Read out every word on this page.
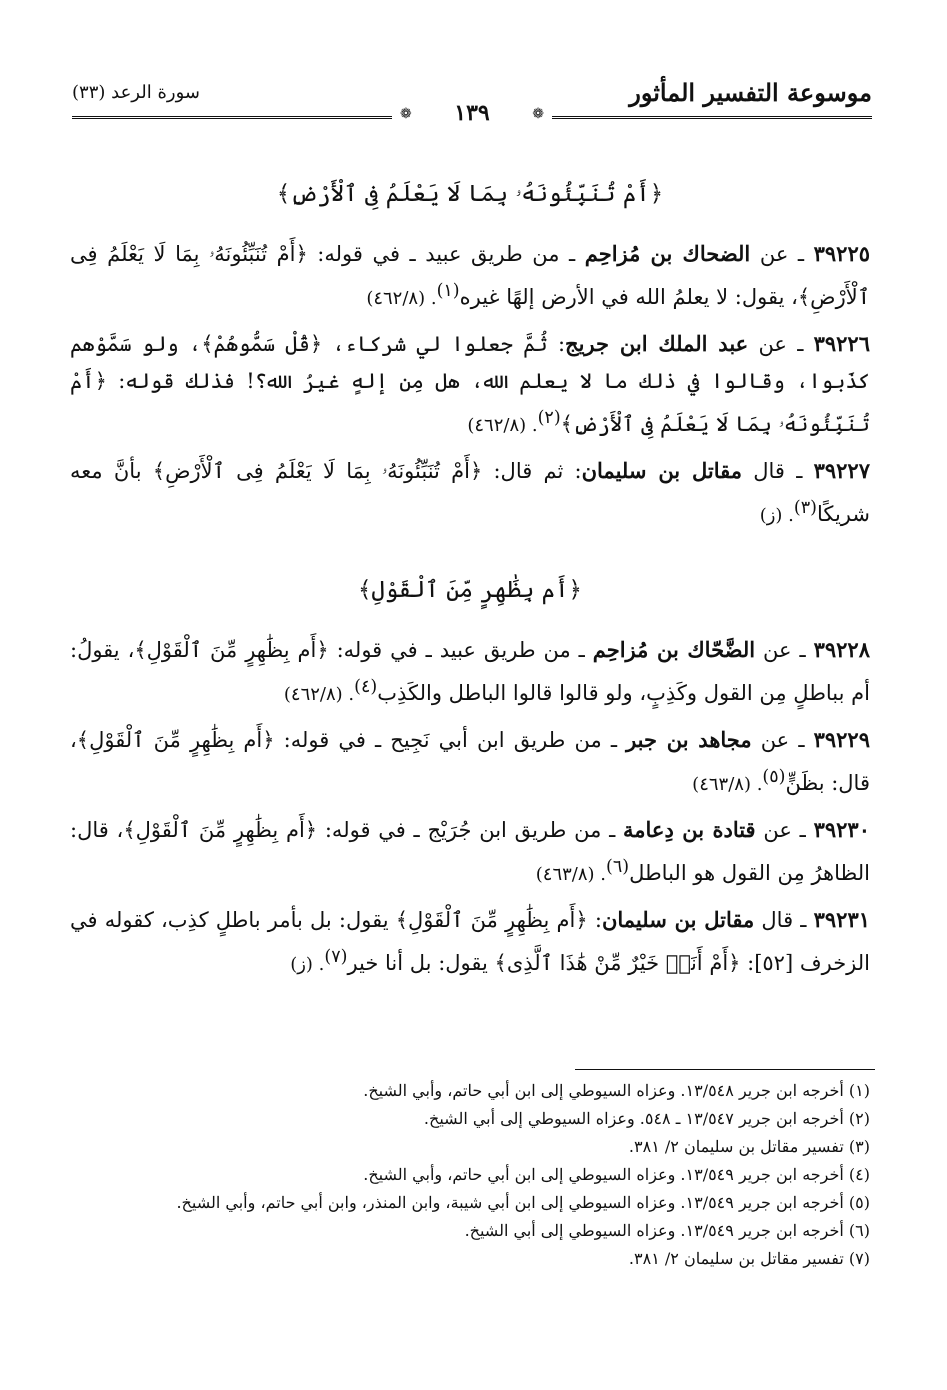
موسوعة التفسير المأثور
سورة الرعد (٣٣)
❁
❁	١٣٩
﴿أَمْ تُنَبِّئُونَهُۥ بِمَا لَا يَعْلَمُ فِى ٱلْأَرْضِ﴾

٣٩٢٢٥ ـ عن الضحاك بن مُزاحِم ـ من طريق عبيد ـ في قوله: ﴿أَمْ تُنَبِّئُونَهُۥ بِمَا لَا يَعْلَمُ فِى ٱلْأَرْضِ﴾، يقول: لا يعلمُ الله في الأرض إلهًا غيره$^{(١)}$. (٤٦٢/٨)

٣٩٢٢٦ ـ عن عبد الملك ابن جريج: ثُمَّ جعلوا لي شركاء، ﴿قُلْ سَمُّوهُمْ﴾، ولو سَمَّوْهم كذَبوا، وقالوا في ذلك ما لا يعلم الله، هل مِن إلهٍ غيرُ الله؟! فذلك قوله: ﴿أَمْ تُنَبِّئُونَهُۥ بِمَا لَا يَعْلَمُ فِى ٱلْأَرْضِ﴾$^{(٢)}$. (٤٦٢/٨)

٣٩٢٢٧ ـ قال مقاتل بن سليمان: ثم قال: ﴿أَمْ تُنَبِّئُونَهُۥ بِمَا لَا يَعْلَمُ فِى ٱلْأَرْضِ﴾ بأنَّ معه شريكًا$^{(٣)}$. (ز)

﴿أَم بِظَٰهِرٍ مِّنَ ٱلْقَوْلِ﴾

٣٩٢٢٨ ـ عن الضَّحّاك بن مُزاحِم ـ من طريق عبيد ـ في قوله: ﴿أَم بِظَٰهِرٍ مِّنَ ٱلْقَوْلِ﴾، يقولُ: أم بباطلٍ مِن القول وكَذِبٍ، ولو قالوا قالوا الباطل والكَذِب$^{(٤)}$. (٤٦٢/٨)

٣٩٢٢٩ ـ عن مجاهد بن جبر ـ من طريق ابن أبي نَجِيح ـ في قوله: ﴿أَم بِظَٰهِرٍ مِّنَ ٱلْقَوْلِ﴾، قال: بظَنٍّ$^{(٥)}$. (٤٦٣/٨)

٣٩٢٣٠ ـ عن قتادة بن دِعامة ـ من طريق ابن جُرَيْج ـ في قوله: ﴿أَم بِظَٰهِرٍ مِّنَ ٱلْقَوْلِ﴾، قال: الظاهرُ مِن القول هو الباطل$^{(٦)}$. (٤٦٣/٨)

٣٩٢٣١ ـ قال مقاتل بن سليمان: ﴿أَم بِظَٰهِرٍ مِّنَ ٱلْقَوْلِ﴾ يقول: بل بأمر باطلٍ كذِب، كقوله في الزخرف [٥٢]: ﴿أَمْ أَنَا۠ خَيْرٌ مِّنْ هَٰذَا ٱلَّذِى﴾ يقول: بل أنا خير$^{(٧)}$. (ز)

(١) أخرجه ابن جرير ١٣/٥٤٨. وعزاه السيوطي إلى ابن أبي حاتم، وأبي الشيخ.

(٢) أخرجه ابن جرير ١٣/٥٤٧ ـ ٥٤٨. وعزاه السيوطي إلى أبي الشيخ.

(٣) تفسير مقاتل بن سليمان ٢/ ٣٨١.

(٤) أخرجه ابن جرير ١٣/٥٤٩. وعزاه السيوطي إلى ابن أبي حاتم، وأبي الشيخ.

(٥) أخرجه ابن جرير ١٣/٥٤٩. وعزاه السيوطي إلى ابن أبي شيبة، وابن المنذر، وابن أبي حاتم، وأبي الشيخ.

(٦) أخرجه ابن جرير ١٣/٥٤٩. وعزاه السيوطي إلى أبي الشيخ.

(٧) تفسير مقاتل بن سليمان ٢/ ٣٨١.
